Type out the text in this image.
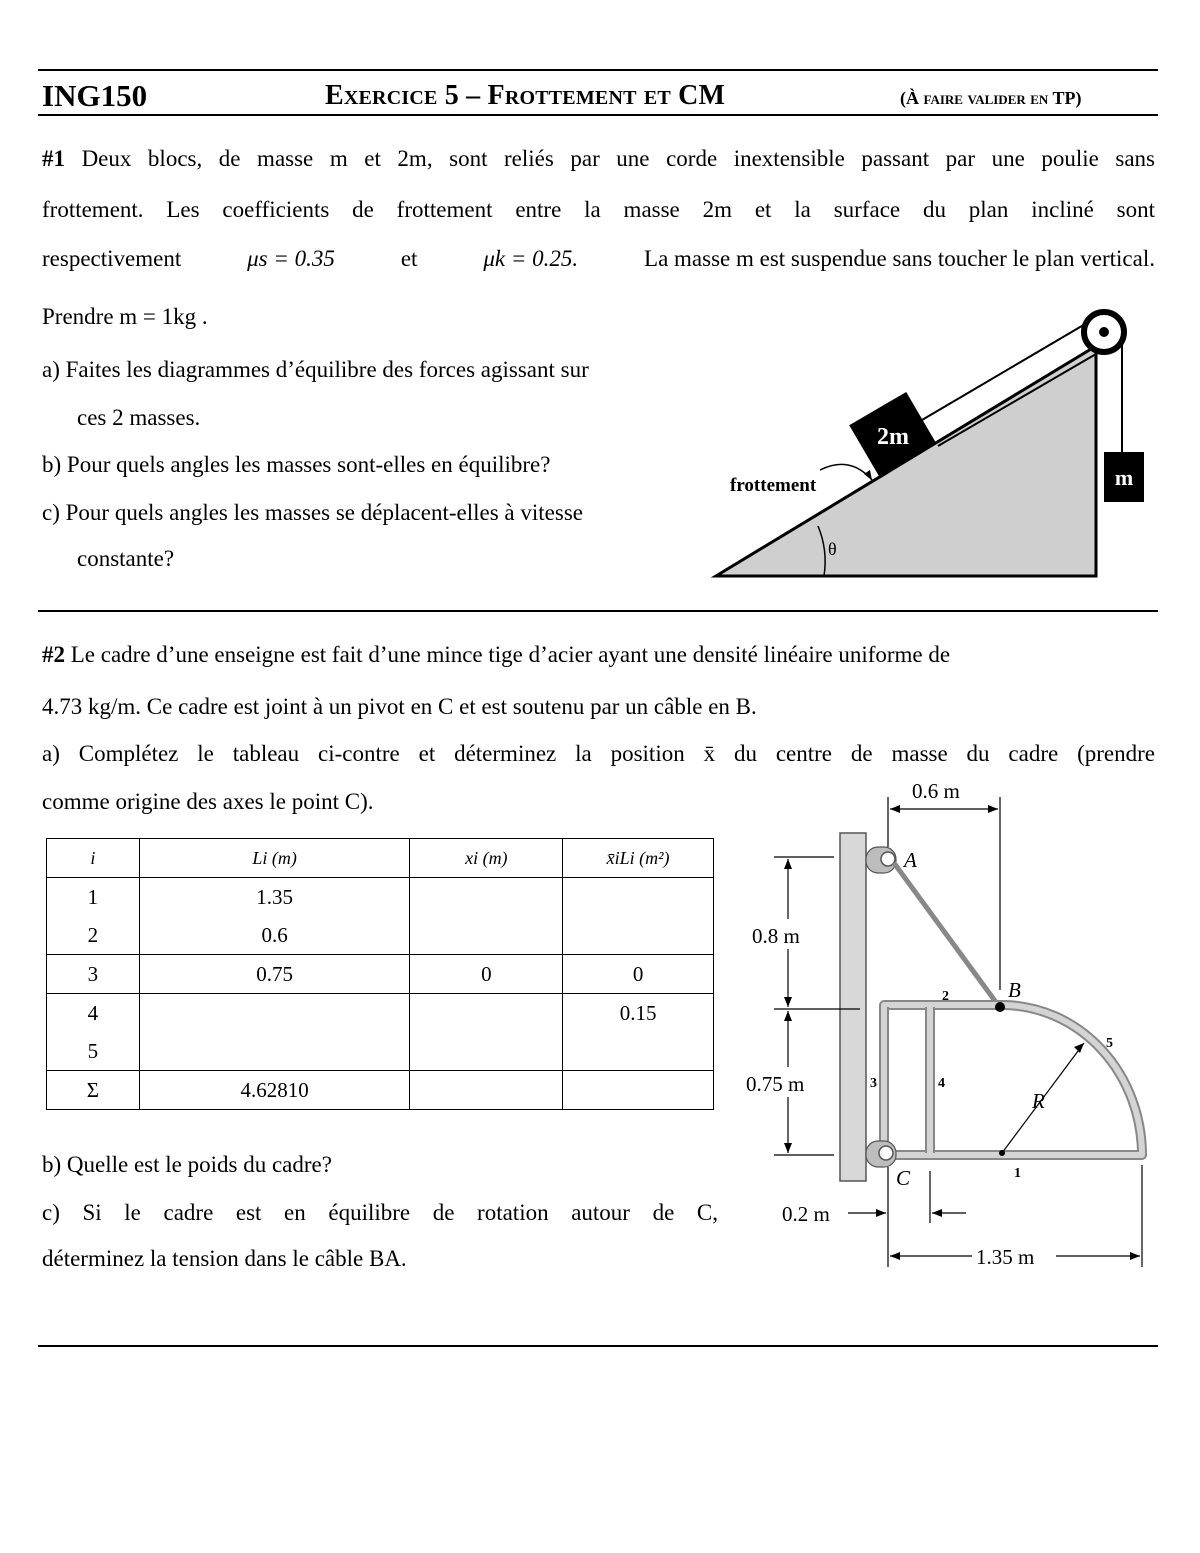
ING150	Exercice 5 – Frottement et CM	(À faire valider en TP)
#1 Deux blocs, de masse m et 2m, sont reliés par une corde inextensible passant par une poulie sans
frottement. Les coefficients de frottement entre la masse 2m et la surface du plan incliné sont
respectivement	μs = 0.35	et	μk = 0.25.	La masse m est suspendue sans toucher le plan vertical.
Prendre m = 1kg .
a) Faites les diagrammes d’équilibre des forces agissant sur
ces 2 masses.
b) Pour quels angles les masses sont-elles en équilibre?
c) Pour quels angles les masses se déplacent-elles à vitesse
constante?
2m
m
frottement
θ
#2 Le cadre d’une enseigne est fait d’une mince tige d’acier ayant une densité linéaire uniforme de
4.73 kg/m. Ce cadre est joint à un pivot en C et est soutenu par un câble en B.
a) Complétez le tableau ci-contre et déterminez la position x̄ du centre de masse du cadre (prendre
comme origine des axes le point C).
i	Li (m)	xi (m)	x̄iLi (m²)
1	1.35		
2	0.6		
3	0.75	0	0
4			0.15
5			
Σ	4.62810		
b) Quelle est le poids du cadre?
c) Si le cadre est en équilibre de rotation autour de C,
déterminez la tension dans le câble BA.
0.6 m
0.8 m
0.75 m
A
C
B
R
1
2
3	4
5
0.2 m
1.35 m
